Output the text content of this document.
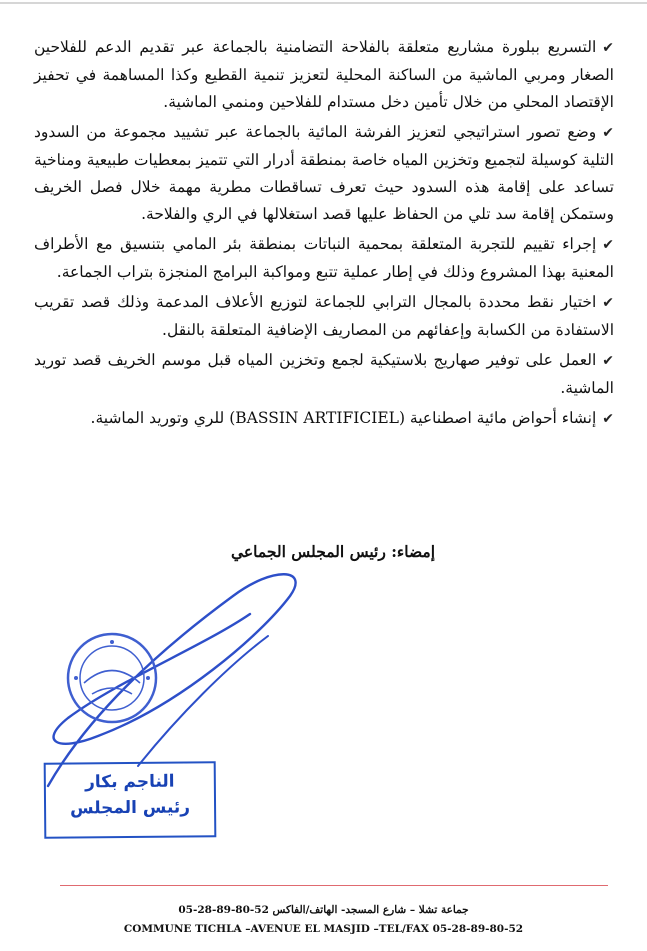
✔التسريع ببلورة مشاريع متعلقة بالفلاحة التضامنية بالجماعة عبر تقديم الدعم للفلاحين الصغار ومربي الماشية من الساكنة المحلية لتعزيز تنمية القطيع وكذا المساهمة في تحفيز الإقتصاد المحلي من خلال تأمين دخل مستدام للفلاحين ومنمي الماشية.
✔وضع تصور استراتيجي لتعزيز الفرشة المائية بالجماعة عبر تشييد مجموعة من السدود التلية كوسيلة لتجميع وتخزين المياه خاصة بمنطقة أدرار التي تتميز بمعطيات طبيعية ومناخية تساعد على إقامة هذه السدود حيث تعرف تساقطات مطرية مهمة خلال فصل الخريف وستمكن إقامة سد تلي من الحفاظ عليها قصد استغلالها في الري والفلاحة.
✔إجراء تقييم للتجربة المتعلقة بمحمية النباتات بمنطقة بئر المامي بتنسيق مع الأطراف المعنية بهذا المشروع وذلك في إطار عملية تتبع ومواكبة البرامج المنجزة بتراب الجماعة.
✔اختيار نقط محددة بالمجال الترابي للجماعة لتوزيع الأعلاف المدعمة وذلك قصد تقريب الاستفادة من الكسابة وإعفائهم من المصاريف الإضافية المتعلقة بالنقل.
✔العمل على توفير صهاريج بلاستيكية لجمع وتخزين المياه قبل موسم الخريف قصد توريد الماشية.
✔إنشاء أحواض مائية اصطناعية (BASSIN ARTIFICIEL) للري وتوريد الماشية.
إمضاء: رئيس المجلس الجماعي
الناجم بكار
رئيس المجلس
جماعة تشلا – شارع المسجد- الهاتف/الفاكس 52-80-89-28-05
COMMUNE TICHLA –AVENUE EL MASJID –TEL/FAX 05-28-89-80-52
